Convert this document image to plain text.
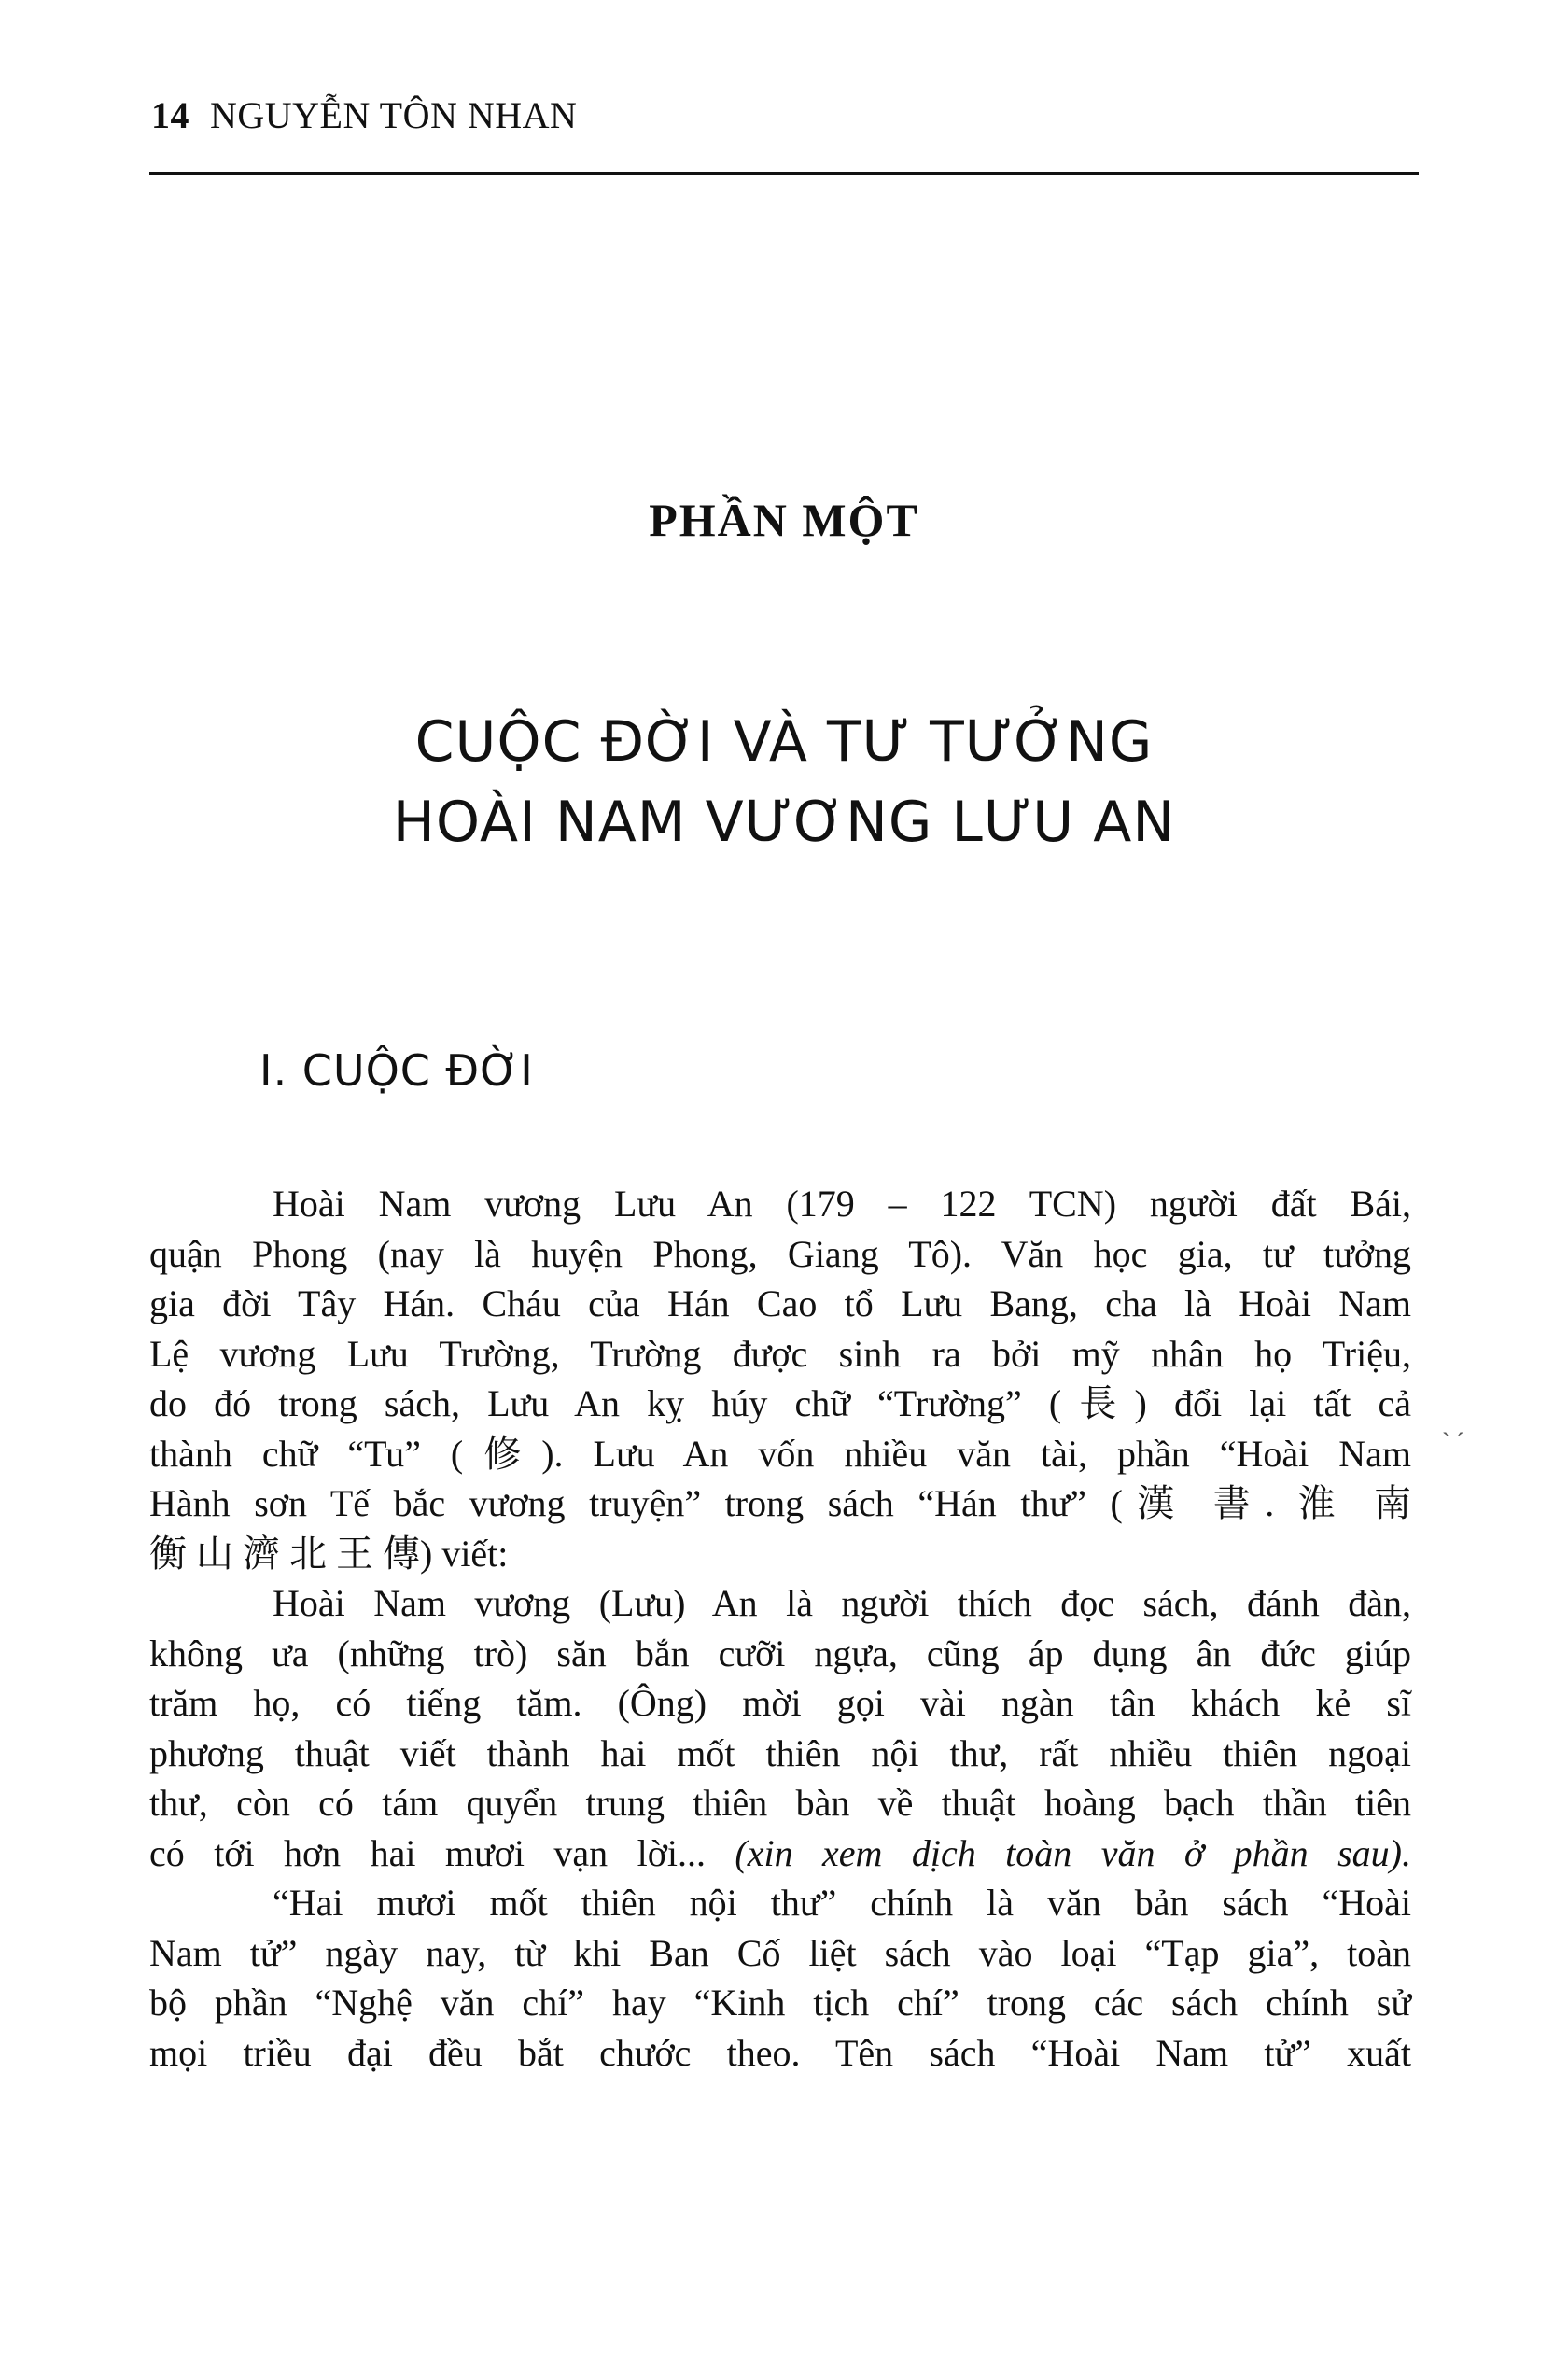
14 NGUYỄN TÔN NHAN
PHẦN MỘT
CUỘC ĐỜI VÀ TƯ TƯỞNG
HOÀI NAM VƯƠNG LƯU AN
I. CUỘC ĐỜI
Hoài Nam vương Lưu An (179 – 122 TCN) người đất Bái,
quận Phong (nay là huyện Phong, Giang Tô). Văn học gia, tư tưởng
gia đời Tây Hán. Cháu của Hán Cao tổ Lưu Bang, cha là Hoài Nam
Lệ vương Lưu Trường, Trường được sinh ra bởi mỹ nhân họ Triệu,
do đó trong sách, Lưu An kỵ húy chữ “Trường” (長) đổi lại tất cả
thành chữ “Tu” (修). Lưu An vốn nhiều văn tài, phần “Hoài Nam
Hành sơn Tế bắc vương truyện” trong sách “Hán thư” (漢 書. 淮 南
衡 山 濟 北 王 傳) viết:
Hoài Nam vương (Lưu) An là người thích đọc sách, đánh đàn,
không ưa (những trò) săn bắn cưỡi ngựa, cũng áp dụng ân đức giúp
trăm họ, có tiếng tăm. (Ông) mời gọi vài ngàn tân khách kẻ sĩ
phương thuật viết thành hai mốt thiên nội thư, rất nhiều thiên ngoại
thư, còn có tám quyển trung thiên bàn về thuật hoàng bạch thần tiên
có tới hơn hai mươi vạn lời... (xin xem dịch toàn văn ở phần sau).
“Hai mươi mốt thiên nội thư” chính là văn bản sách “Hoài
Nam tử” ngày nay, từ khi Ban Cố liệt sách vào loại “Tạp gia”, toàn
bộ phần “Nghệ văn chí” hay “Kinh tịch chí” trong các sách chính sử
mọi triều đại đều bắt chước theo. Tên sách “Hoài Nam tử” xuất
` ´
